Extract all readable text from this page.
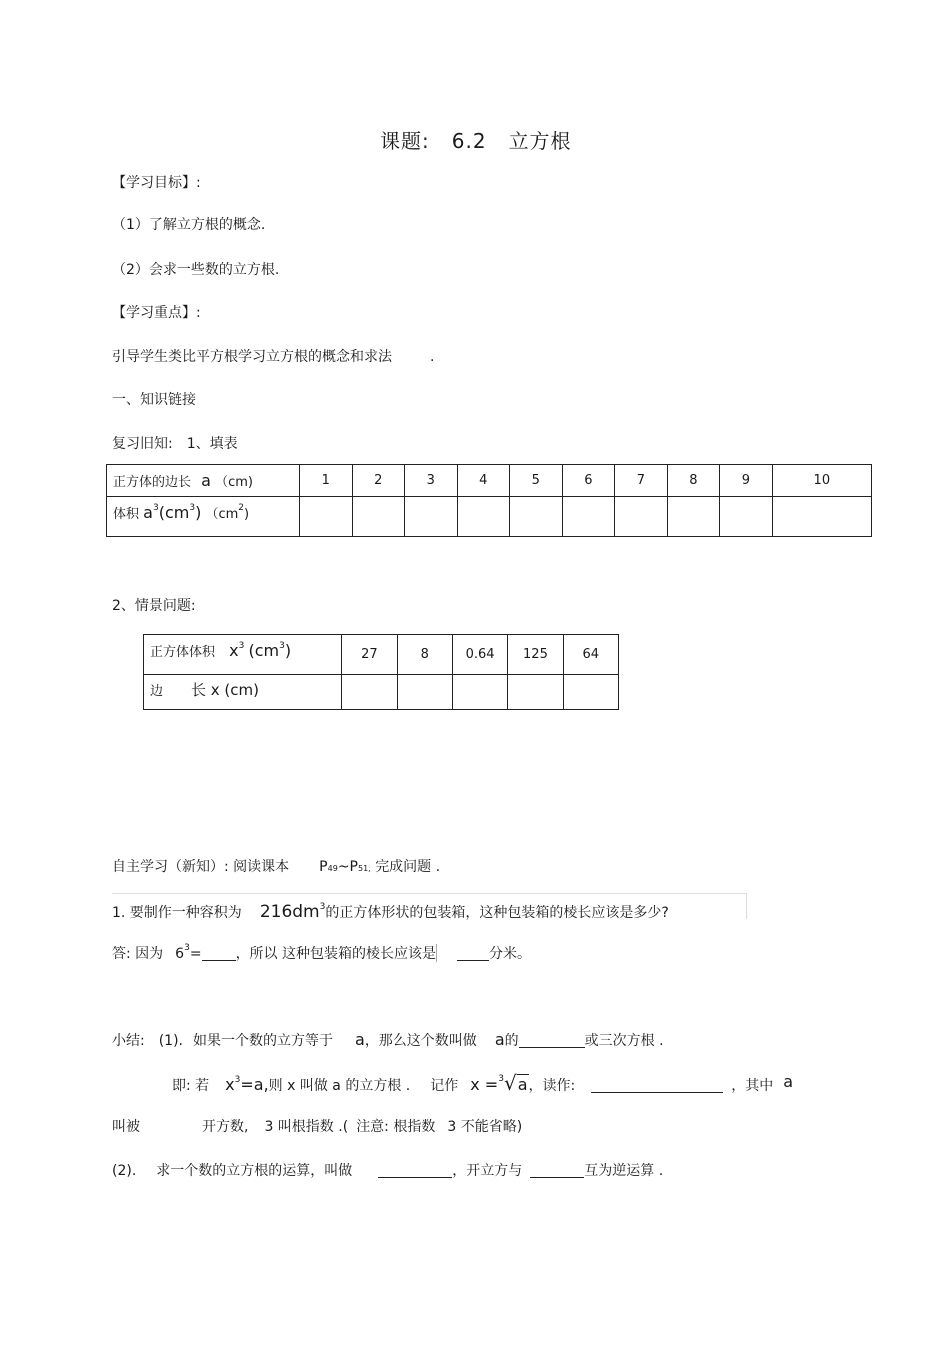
课题: 6.2 立方根
【学习目标】:
（1）了解立方根的概念.
（2）会求一些数的立方根.
【学习重点】:
引导学生类比平方根学习立方根的概念和求法	.
一、知识链接
复习旧知: 1、填表
正方体的边长 a （cm)	1	2	3	4	5	6	7	8	9	10
体积 $a^3(cm^3)$ $(cm^2)$										
2、情景问题:
正方体体积 $x^3$ $(cm^3)$	27	8	0.64	125	64
边 长 x (cm)					
自主学习（新知）: 阅读课本 P49~P51, 完成问题 .
1. 要制作一种容积为 $216dm^3$的正方体形状的包装箱，这种包装箱的棱长应该是多少?
答: 因为 $6^3=$ ，所以 这种包装箱的棱长应该是	分米。
小结: (1). 如果一个数的立方等于 a，那么这个数叫做 a的	或三次方根 .
即: 若 $x^3=a$,则 x 叫做 a 的立方根 . 记作 x =$^3$√a，读作:	，其中 a
叫被	开方数, 3 叫根指数 .( 注意: 根指数 3 不能省略)
(2). 求一个数的立方根的运算，叫做	，开立方与	互为逆运算 .
